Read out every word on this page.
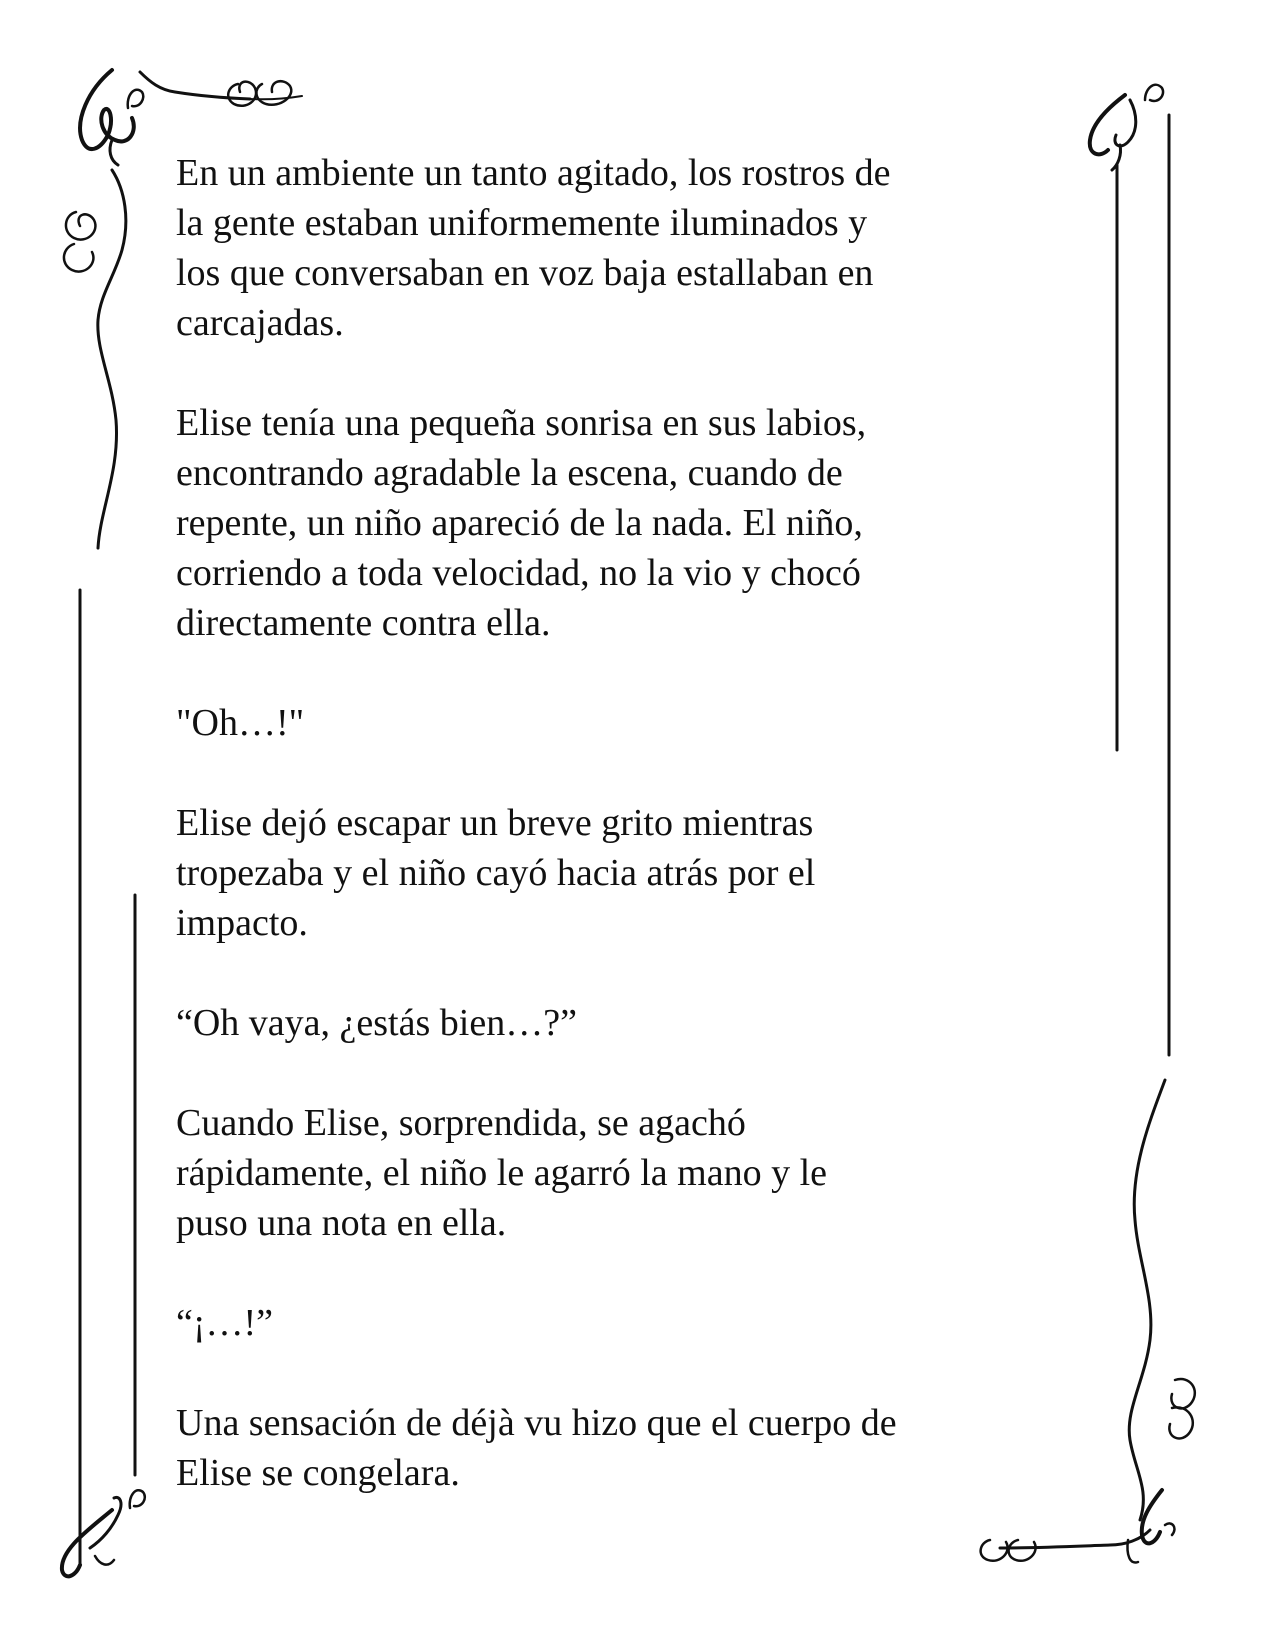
En un ambiente un tanto agitado, los rostros de
la gente estaban uniformemente iluminados y
los que conversaban en voz baja estallaban en
carcajadas.

Elise tenía una pequeña sonrisa en sus labios,
encontrando agradable la escena, cuando de
repente, un niño apareció de la nada. El niño,
corriendo a toda velocidad, no la vio y chocó
directamente contra ella.

"Oh…!"

Elise dejó escapar un breve grito mientras
tropezaba y el niño cayó hacia atrás por el
impacto.

“Oh vaya, ¿estás bien…?”

Cuando Elise, sorprendida, se agachó
rápidamente, el niño le agarró la mano y le
puso una nota en ella.

“¡…!”

Una sensación de déjà vu hizo que el cuerpo de
Elise se congelara.
